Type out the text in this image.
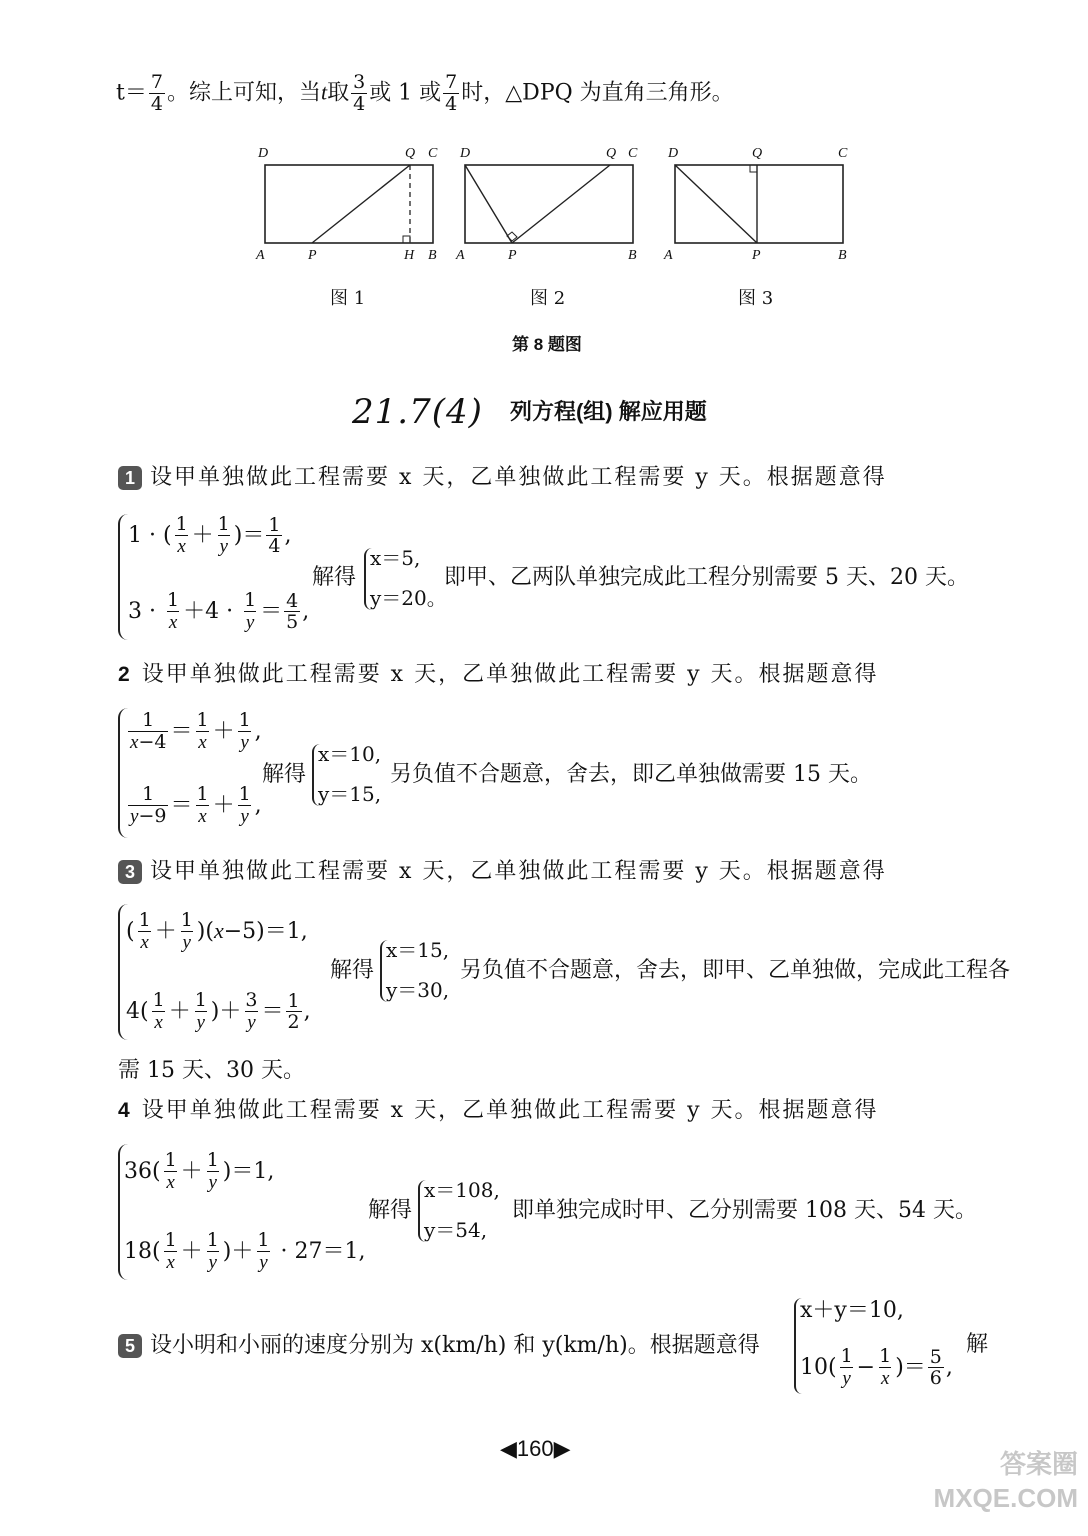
$t= \frac{7}{4}$ 。综上可知，当t取 $\frac{3}{4}$ 或 1 或 $\frac{7}{4}$ 时，△DPQ 为直角三角形。
D	Q C
A	P	H B
D	Q C
A	P	B
D	Q	C
A	P	B
图 1	图 2	图 3
第 8 题图
21.7(4) 列方程(组) 解应用题
1 设甲单独做此工程需要 x 天，乙单独做此工程需要 y 天。根据题意得
1 · ( $\frac{1}{x} + \frac{1}{y}$ )＝ $\frac{1}{4}$ ,
$3 \cdot \frac{1}{x} +4 \cdot \frac{1}{y} = \frac{4}{5}$ ,
解得
x＝5,
y＝20。
即甲、乙两队单独完成此工程分别需要 5 天、20 天。
2 设甲单独做此工程需要 x 天，乙单独做此工程需要 y 天。根据题意得
$\frac{1}{x-4} = \frac{1}{x} + \frac{1}{y}$ ,
$\frac{1}{y-9} = \frac{1}{x} + \frac{1}{y}$ ,
解得
x＝10,
y＝15,
另负值不合题意，舍去，即乙单独做需要 15 天。
3 设甲单独做此工程需要 x 天，乙单独做此工程需要 y 天。根据题意得
( $\frac{1}{x} + \frac{1}{y} )(x-5)=1$,
$4( \frac{1}{x} + \frac{1}{y}$ )＋ $\frac{3}{y} = \frac{1}{2}$ ,
解得
x＝15,
y＝30,
另负值不合题意，舍去，即甲、乙单独做，完成此工程各
需 15 天、30 天。
4 设甲单独做此工程需要 x 天，乙单独做此工程需要 y 天。根据题意得
$36( \frac{1}{x} + \frac{1}{y} )=1$,
$18( \frac{1}{x} + \frac{1}{y}$ )＋ $\frac{1}{y} \cdot 27=1$,
解得
x＝108,
y＝54,
即单独完成时甲、乙分别需要 108 天、54 天。
5 设小明和小丽的速度分别为 x(km/h) 和 y(km/h)。根据题意得
x＋y＝10,
$10( \frac{1}{y} - \frac{1}{x}$ )＝ $\frac{5}{6}$ ,
解
◀160▶
答案圈 MXQE.COM
